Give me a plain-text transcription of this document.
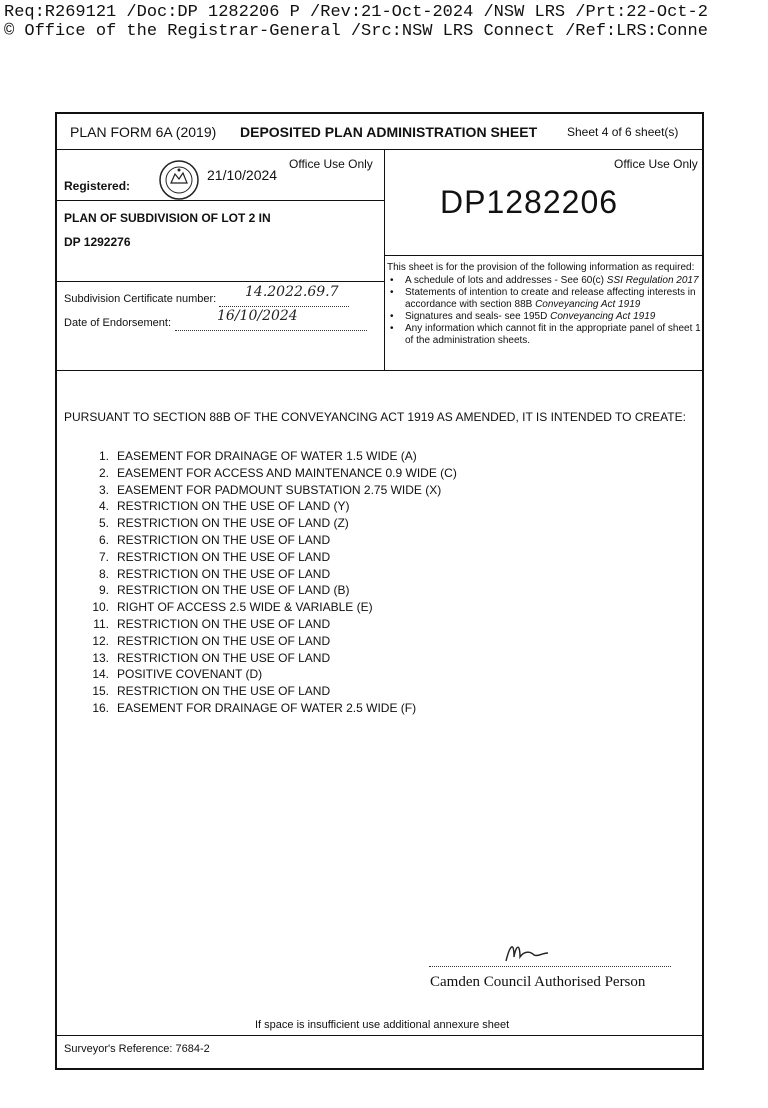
Req:R269121 /Doc:DP 1282206 P /Rev:21-Oct-2024 /NSW LRS /Prt:22-Oct-2
© Office of the Registrar-General /Src:NSW LRS Connect /Ref:LRS:Conne
PLAN FORM 6A (2019) DEPOSITED PLAN ADMINISTRATION SHEET Sheet 4 of 6 sheet(s)
Office Use Only
Registered:
21/10/2024
PLAN OF SUBDIVISION OF LOT 2 IN
DP 1292276
Subdivision Certificate number: 14.2022.69.7
Date of Endorsement:	16/10/2024
Office Use Only
DP1282206
This sheet is for the provision of the following information as required:
• A schedule of lots and addresses - See 60(c) SSI Regulation 2017
• Statements of intention to create and release affecting interests in accordance with section 88B Conveyancing Act 1919
• Signatures and seals- see 195D Conveyancing Act 1919
• Any information which cannot fit in the appropriate panel of sheet 1 of the administration sheets.
PURSUANT TO SECTION 88B OF THE CONVEYANCING ACT 1919 AS AMENDED, IT IS INTENDED TO CREATE:
1. EASEMENT FOR DRAINAGE OF WATER 1.5 WIDE (A)
2. EASEMENT FOR ACCESS AND MAINTENANCE 0.9 WIDE (C)
3. EASEMENT FOR PADMOUNT SUBSTATION 2.75 WIDE (X)
4. RESTRICTION ON THE USE OF LAND (Y)
5. RESTRICTION ON THE USE OF LAND (Z)
6. RESTRICTION ON THE USE OF LAND
7. RESTRICTION ON THE USE OF LAND
8. RESTRICTION ON THE USE OF LAND
9. RESTRICTION ON THE USE OF LAND (B)
10. RIGHT OF ACCESS 2.5 WIDE & VARIABLE (E)
11. RESTRICTION ON THE USE OF LAND
12. RESTRICTION ON THE USE OF LAND
13. RESTRICTION ON THE USE OF LAND
14. POSITIVE COVENANT (D)
15. RESTRICTION ON THE USE OF LAND
16. EASEMENT FOR DRAINAGE OF WATER 2.5 WIDE (F)
Camden Council Authorised Person
If space is insufficient use additional annexure sheet
Surveyor's Reference: 7684-2
